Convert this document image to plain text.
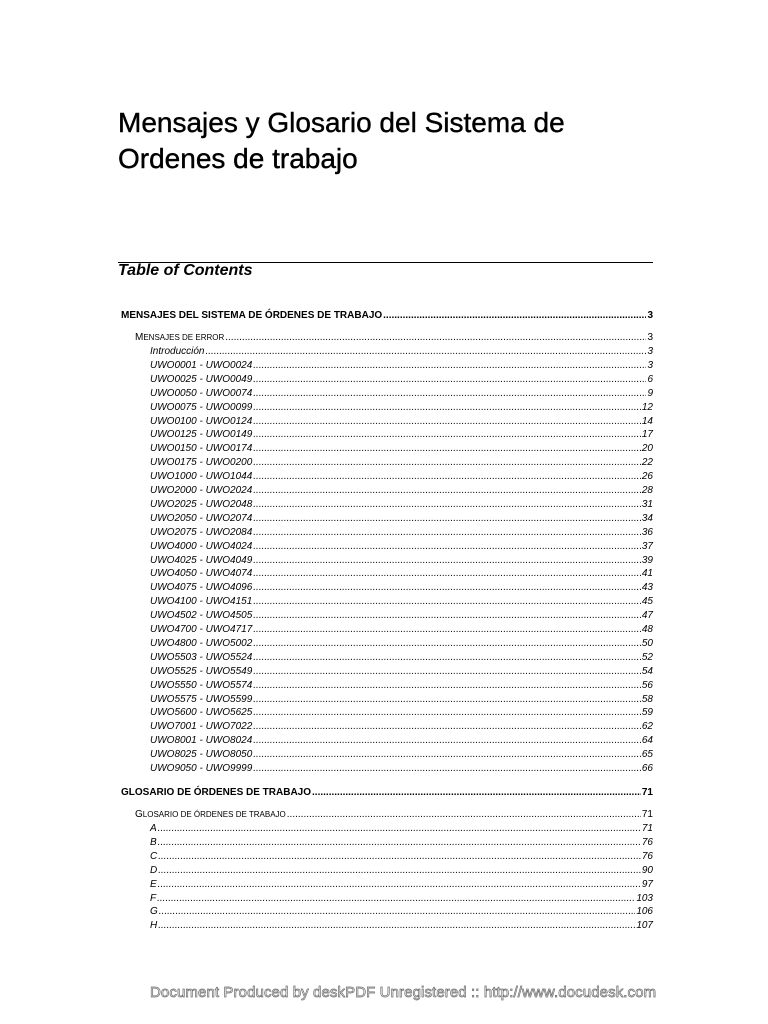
Mensajes y Glosario del Sistema de
Ordenes de trabajo
Table of Contents
MENSAJES DEL SISTEMA DE ÓRDENES DE TRABAJO .....	3
MENSAJES DE ERROR .....	3
Introducción .....	3
UWO0001 - UWO0024 .....	3
UWO0025 - UWO0049 .....	6
UWO0050 - UWO0074 .....	9
UWO0075 - UWO0099 .....	12
UWO0100 - UWO0124 .....	14
UWO0125 - UWO0149 .....	17
UWO0150 - UWO0174 .....	20
UWO0175 - UWO0200 .....	22
UWO1000 - UWO1044 .....	26
UWO2000 - UWO2024 .....	28
UWO2025 - UWO2048 .....	31
UWO2050 - UWO2074 .....	34
UWO2075 - UWO2084 .....	36
UWO4000 - UWO4024 .....	37
UWO4025 - UWO4049 .....	39
UWO4050 - UWO4074 .....	41
UWO4075 - UWO4096 .....	43
UWO4100 - UWO4151 .....	45
UWO4502 - UWO4505 .....	47
UWO4700 - UWO4717 .....	48
UWO4800 - UWO5002 .....	50
UWO5503 - UWO5524 .....	52
UWO5525 - UWO5549 .....	54
UWO5550 - UWO5574 .....	56
UWO5575 - UWO5599 .....	58
UWO5600 - UWO5625 .....	59
UWO7001 - UWO7022 .....	62
UWO8001 - UWO8024 .....	64
UWO8025 - UWO8050 .....	65
UWO9050 - UWO9999 .....	66
GLOSARIO DE ÓRDENES DE TRABAJO .....	71
GLOSARIO DE ÓRDENES DE TRABAJO .....	71
A .....	71
B .....	76
C .....	76
D .....	90
E .....	97
F .....	103
G .....	106
H .....	107
Document Produced by deskPDF Unregistered :: http://www.docudesk.com
